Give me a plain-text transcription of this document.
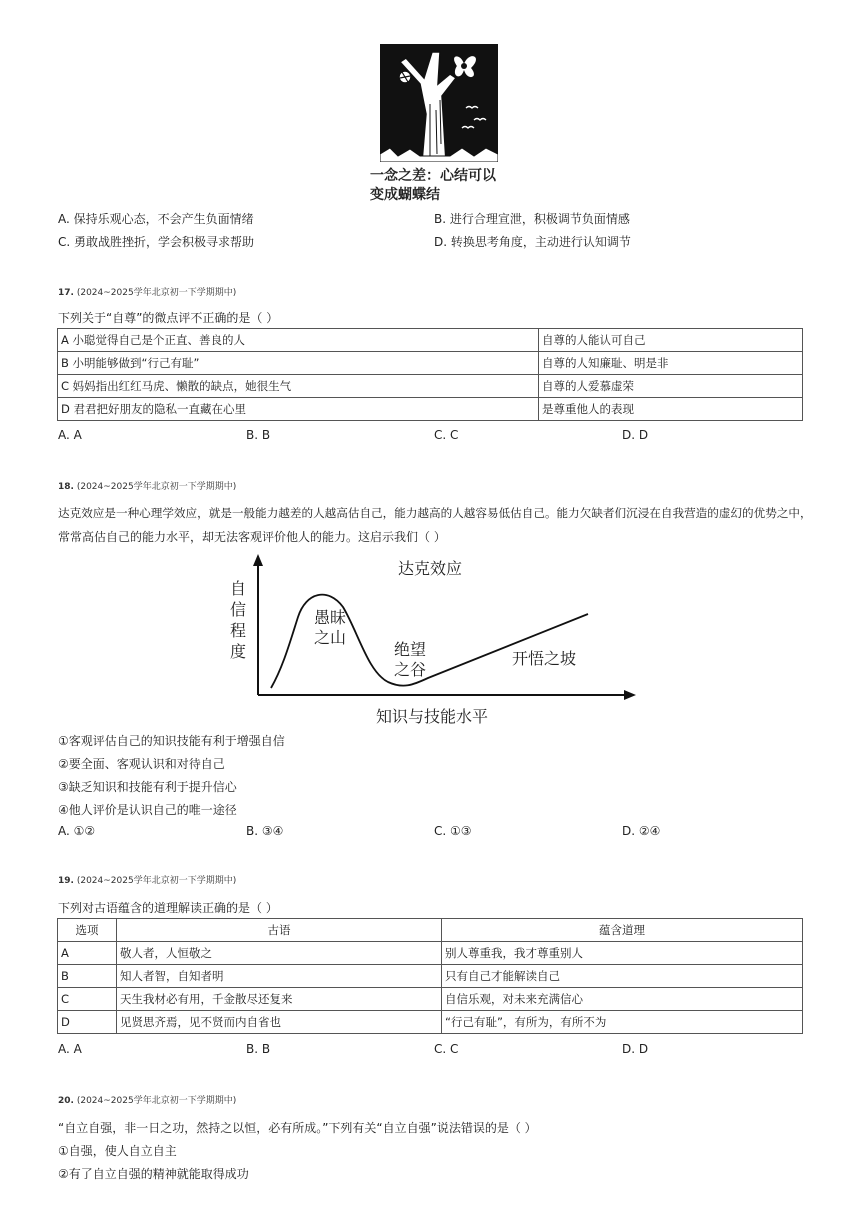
一念之差：心结可以
变成蝴蝶结
A. 保持乐观心态，不会产生负面情绪	B. 进行合理宣泄，积极调节负面情感
C. 勇敢战胜挫折，学会积极寻求帮助	D. 转换思考角度，主动进行认知调节
17. (2024~2025学年北京初一下学期期中)
下列关于“自尊”的微点评不正确的是（ ）
A 小聪觉得自己是个正直、善良的人	自尊的人能认可自己
B 小明能够做到“行己有耻”	自尊的人知廉耻、明是非
C 妈妈指出红红马虎、懒散的缺点，她很生气	自尊的人爱慕虚荣
D 君君把好朋友的隐私一直藏在心里	是尊重他人的表现
A. A	B. B	C. C	D. D
18. (2024~2025学年北京初一下学期期中)
达克效应是一种心理学效应，就是一般能力越差的人越高估自己，能力越高的人越容易低估自己。能力欠缺者们沉浸在自我营造的虚幻的优势之中，
常常高估自己的能力水平，却无法客观评价他人的能力。这启示我们（ ）
达克效应
自
信
程
度
愚昧
之山
绝望
之谷
开悟之坡
知识与技能水平
①客观评估自己的知识技能有利于增强自信
②要全面、客观认识和对待自己
③缺乏知识和技能有利于提升信心
④他人评价是认识自己的唯一途径
A. ①②	B. ③④	C. ①③	D. ②④
19. (2024~2025学年北京初一下学期期中)
下列对古语蕴含的道理解读正确的是（ ）
选项	古语	蕴含道理
A	敬人者，人恒敬之	别人尊重我，我才尊重别人
B	知人者智，自知者明	只有自己才能解读自己
C	天生我材必有用，千金散尽还复来	自信乐观，对未来充满信心
D	见贤思齐焉，见不贤而内自省也	“行己有耻”，有所为，有所不为
A. A	B. B	C. C	D. D
20. (2024~2025学年北京初一下学期期中)
“自立自强，非一日之功，然持之以恒，必有所成。”下列有关“自立自强”说法错误的是（ ）
①自强，使人自立自主
②有了自立自强的精神就能取得成功
